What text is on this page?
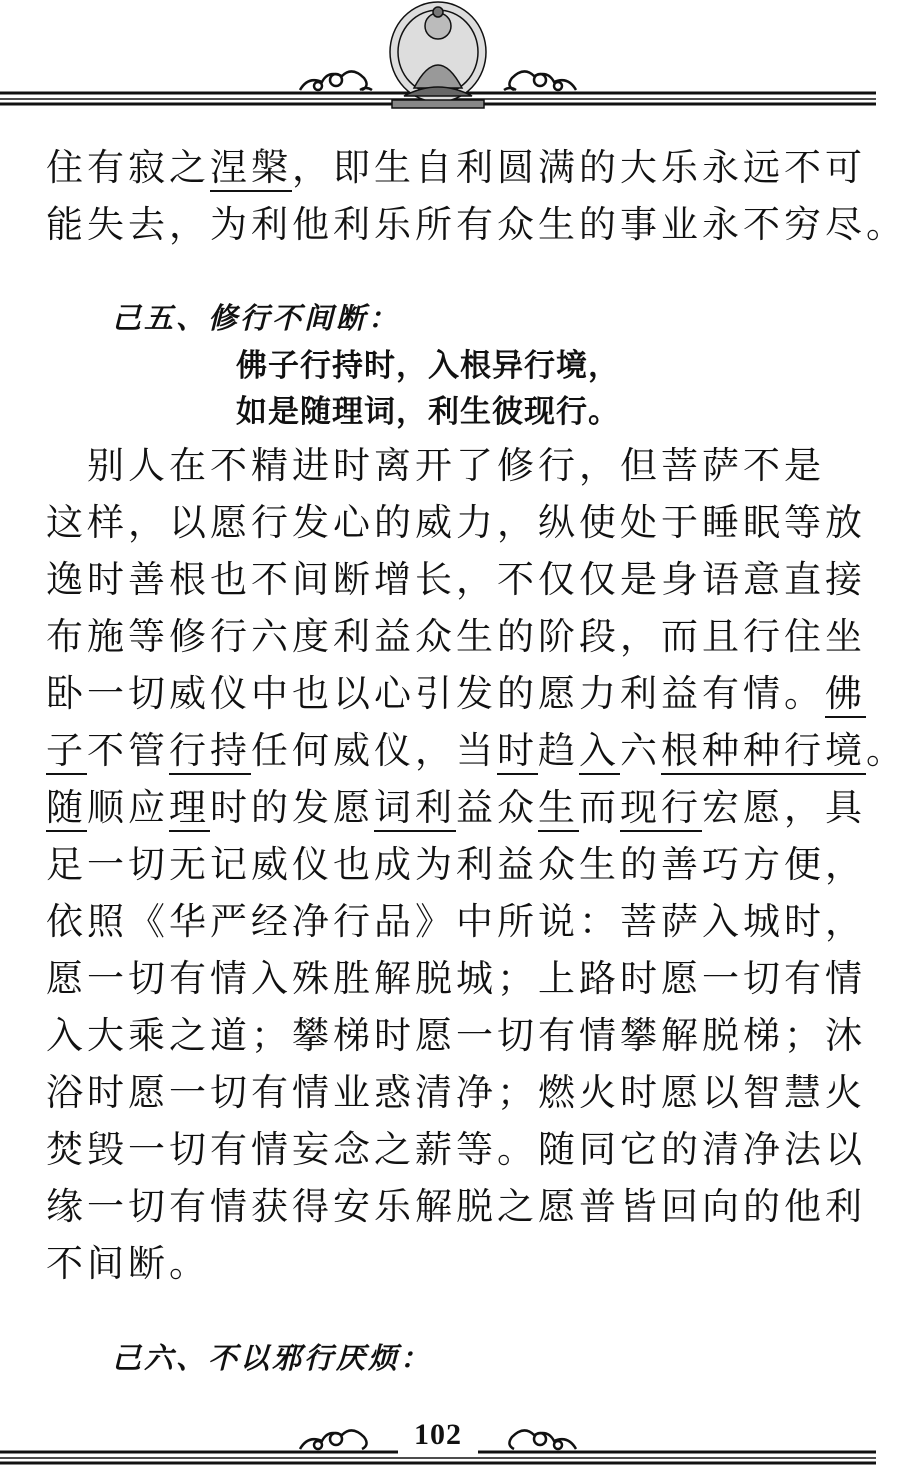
住有寂之涅槃，即生自利圆满的大乐永远不可
能失去，为利他利乐所有众生的事业永不穷尽。
己五、修行不间断：
佛子行持时，入根异行境，
如是随理词，利生彼现行。
　别人在不精进时离开了修行，但菩萨不是
这样，以愿行发心的威力，纵使处于睡眠等放
逸时善根也不间断增长，不仅仅是身语意直接
布施等修行六度利益众生的阶段，而且行住坐
卧一切威仪中也以心引发的愿力利益有情。佛
子不管行持任何威仪，当时趋入六根种种行境。
随顺应理时的发愿词利益众生而现行宏愿，具
足一切无记威仪也成为利益众生的善巧方便，
依照《华严经净行品》中所说：菩萨入城时，
愿一切有情入殊胜解脱城；上路时愿一切有情
入大乘之道；攀梯时愿一切有情攀解脱梯；沐
浴时愿一切有情业惑清净；燃火时愿以智慧火
焚毁一切有情妄念之薪等。随同它的清净法以
缘一切有情获得安乐解脱之愿普皆回向的他利
不间断。
己六、不以邪行厌烦：
102
